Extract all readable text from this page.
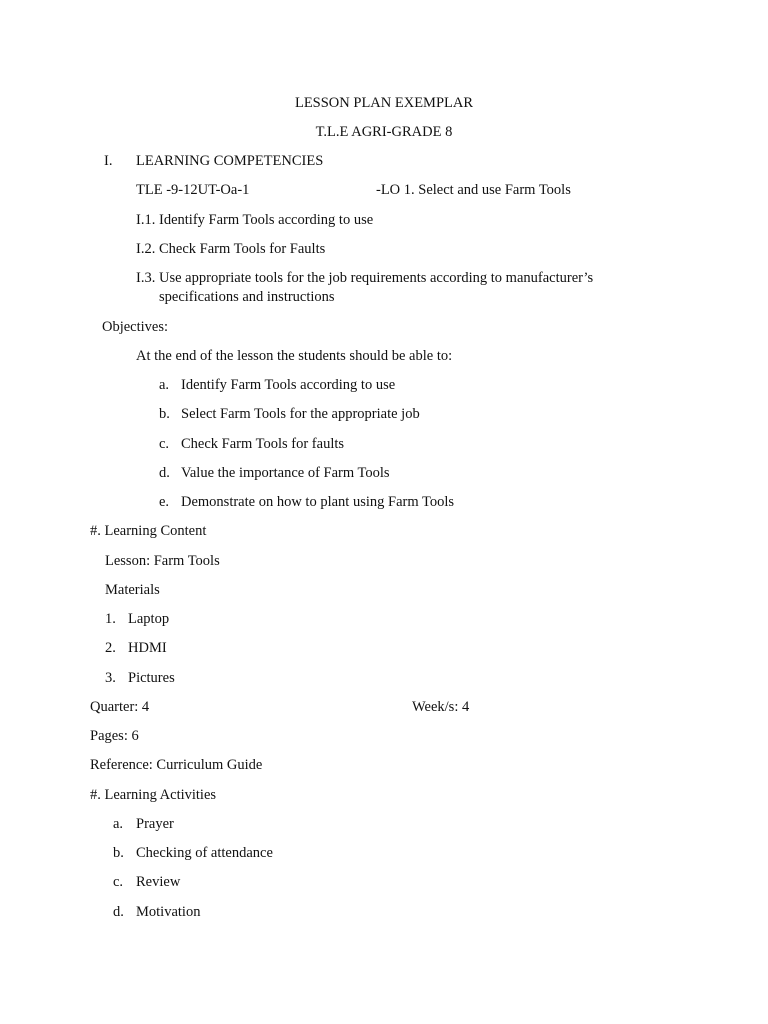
LESSON PLAN EXEMPLAR
T.L.E AGRI-GRADE 8
I. LEARNING COMPETENCIES
TLE -9-12UT-Oa-1	-LO 1. Select and use Farm Tools
I.1. Identify Farm Tools according to use
I.2. Check Farm Tools for Faults
I.3. Use appropriate tools for the job requirements according to manufacturer’s
specifications and instructions
Objectives:
At the end of the lesson the students should be able to:
a. Identify Farm Tools according to use
b. Select Farm Tools for the appropriate job
c. Check Farm Tools for faults
d. Value the importance of Farm Tools
e. Demonstrate on how to plant using Farm Tools
#. Learning Content
Lesson: Farm Tools
Materials
1. Laptop
2. HDMI
3. Pictures
Quarter: 4	Week/s: 4
Pages: 6
Reference: Curriculum Guide
#. Learning Activities
a. Prayer
b. Checking of attendance
c. Review
d. Motivation
